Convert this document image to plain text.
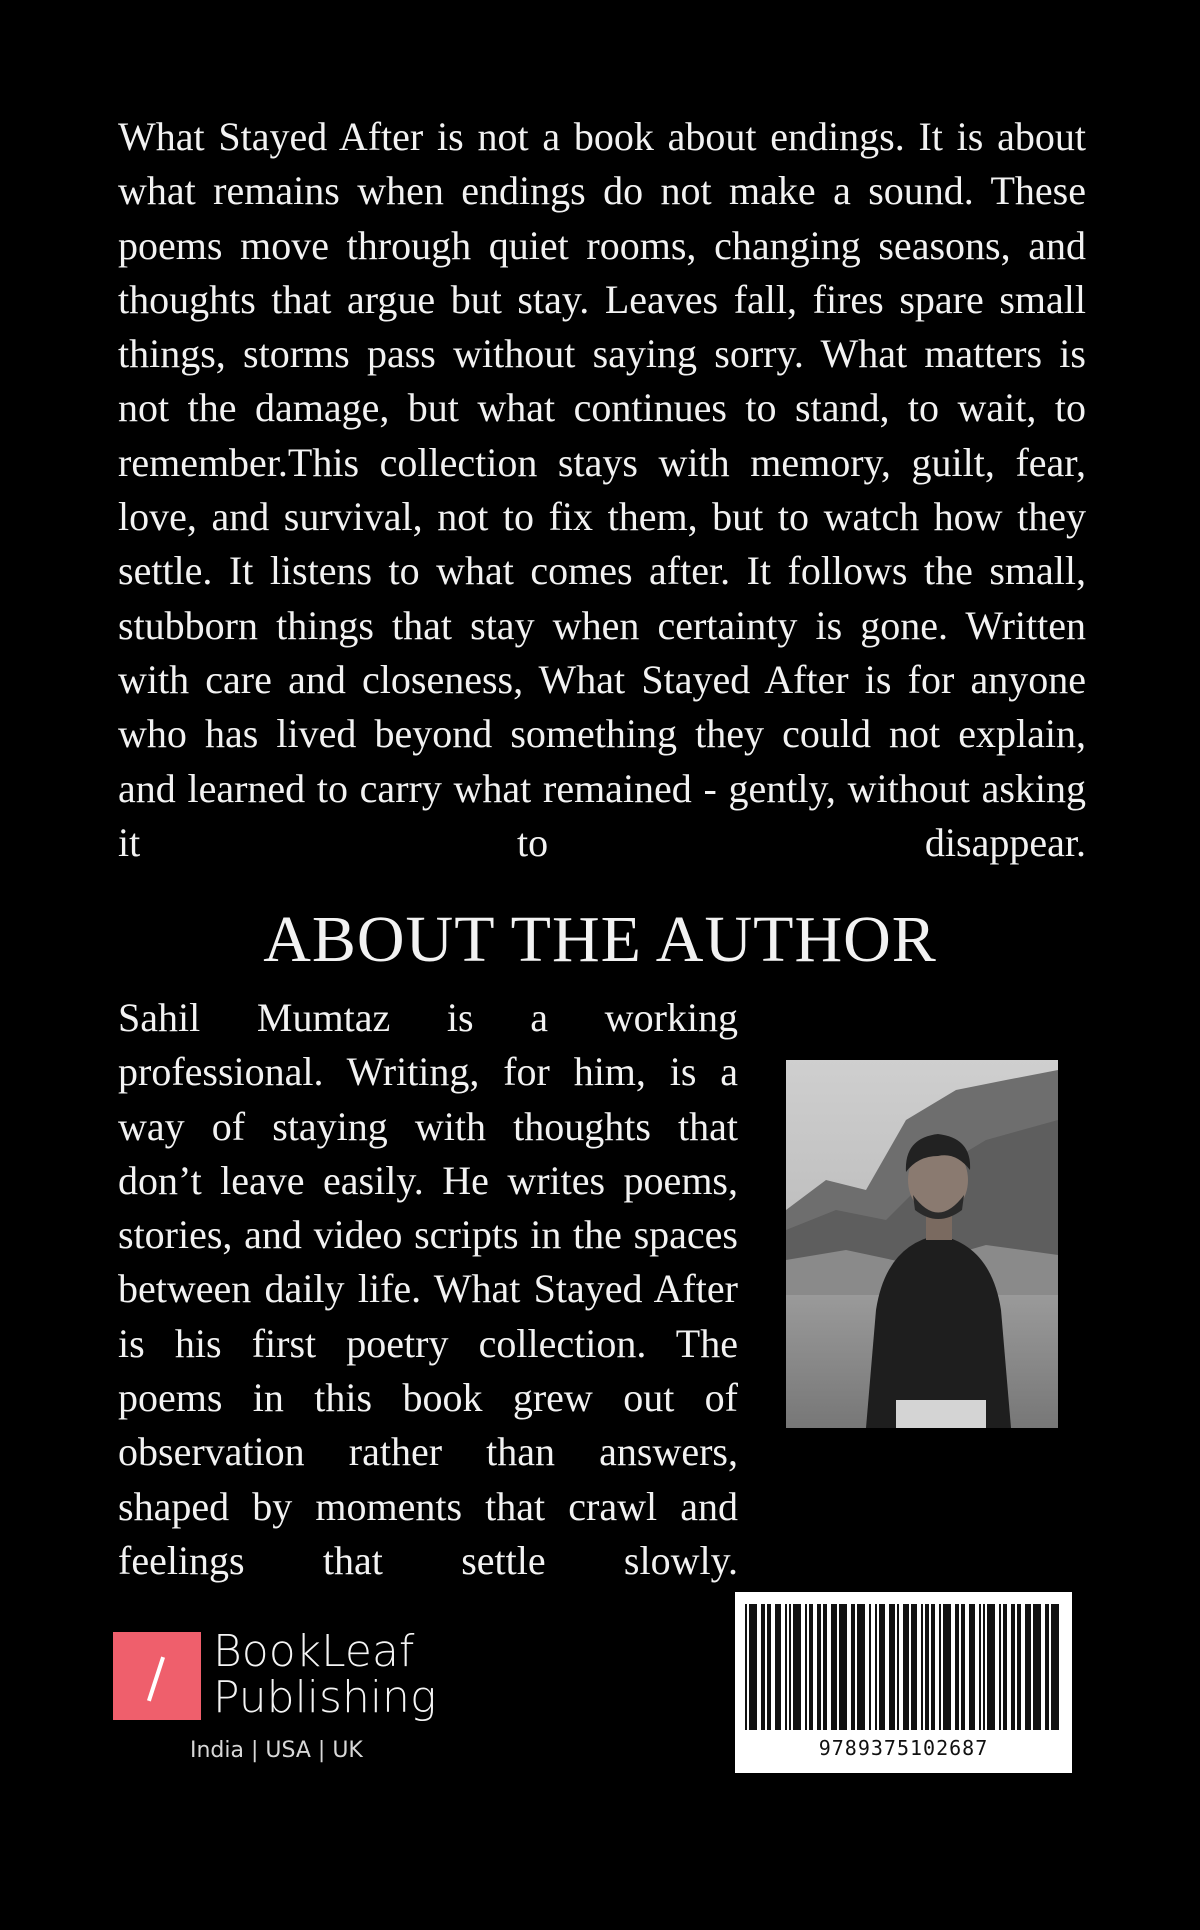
What Stayed After is not a book about endings. It is about what remains when endings do not make a sound. These poems move through quiet rooms, changing seasons, and thoughts that argue but stay. Leaves fall, fires spare small things, storms pass without saying sorry. What matters is not the damage, but what continues to stand, to wait, to remember.This collection stays with memory, guilt, fear, love, and survival, not to fix them, but to watch how they settle. It listens to what comes after. It follows the small, stubborn things that stay when certainty is gone. Written with care and closeness, What Stayed After is for anyone who has lived beyond something they could not explain, and learned to carry what remained - gently, without asking it to disappear.

ABOUT THE AUTHOR

Sahil Mumtaz is a working professional. Writing, for him, is a way of staying with thoughts that don’t leave easily. He writes poems, stories, and video scripts in the spaces between daily life. What Stayed After is his first poetry collection. The poems in this book grew out of observation rather than answers, shaped by moments that crawl and feelings that settle slowly.

BookLeaf
Publishing
India | USA | UK	9789375102687
